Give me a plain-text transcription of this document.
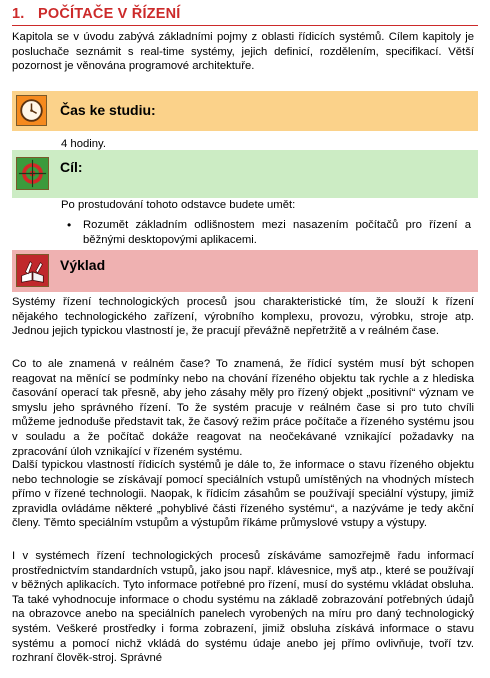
1. POČÍTAČE V ŘÍZENÍ

Kapitola se v úvodu zabývá základními pojmy z oblasti řídicích systémů. Cílem kapitoly je posluchače seznámit s real-time systémy, jejich definicí, rozdělením, specifikací. Větší pozornost je věnována programové architektuře.

Čas ke studiu:

4 hodiny.

Cíl:

Po prostudování tohoto odstavce budete umět:

• Rozumět základním odlišnostem mezi nasazením počítačů pro řízení a běžnými desktopovými aplikacemi.
Výklad

Systémy řízení technologických procesů jsou charakteristické tím, že slouží k řízení nějakého technologického zařízení, výrobního komplexu, provozu, výrobku, stroje atp. Jednou jejich typickou vlastností je, že pracují převážně nepřetržitě a v reálném čase.

Co to ale znamená v reálném čase? To znamená, že řídicí systém musí být schopen reagovat na měnící se podmínky nebo na chování řízeného objektu tak rychle a z hlediska časování operací tak přesně, aby jeho zásahy měly pro řízený objekt „positivní“ význam ve smyslu jeho správného řízení. To že systém pracuje v reálném čase si pro tuto chvíli můžeme jednoduše představit tak, že časový režim práce počítače a řízeného systému jsou v souladu a že počítač dokáže reagovat na neočekávané vznikající požadavky na zpracování úloh vznikající v řízeném systému.

Další typickou vlastností řídicích systémů je dále to, že informace o stavu řízeného objektu nebo technologie se získávají pomocí speciálních vstupů umístěných na vhodných místech přímo v řízené technologii. Naopak, k řídicím zásahům se používají speciální výstupy, jimiž zpravidla ovládáme některé „pohyblivé části řízeného systému“, a nazýváme je tedy akční členy. Těmto speciálním vstupům a výstupům říkáme průmyslové vstupy a výstupy.

I v systémech řízení technologických procesů získáváme samozřejmě řadu informací prostřednictvím standardních vstupů, jako jsou např. klávesnice, myš atp., které se používají v běžných aplikacích. Tyto informace potřebné pro řízení, musí do systému vkládat obsluha. Ta také vyhodnocuje informace o chodu systému na základě zobrazování potřebných údajů na obrazovce anebo na speciálních panelech vyrobených na míru pro daný technologický systém. Veškeré prostředky i forma zobrazení, jimiž obsluha získává informace o stavu systému a pomocí nichž vkládá do systému údaje anebo jej přímo ovlivňuje, tvoří tzv. rozhraní člověk-stroj. Správné
